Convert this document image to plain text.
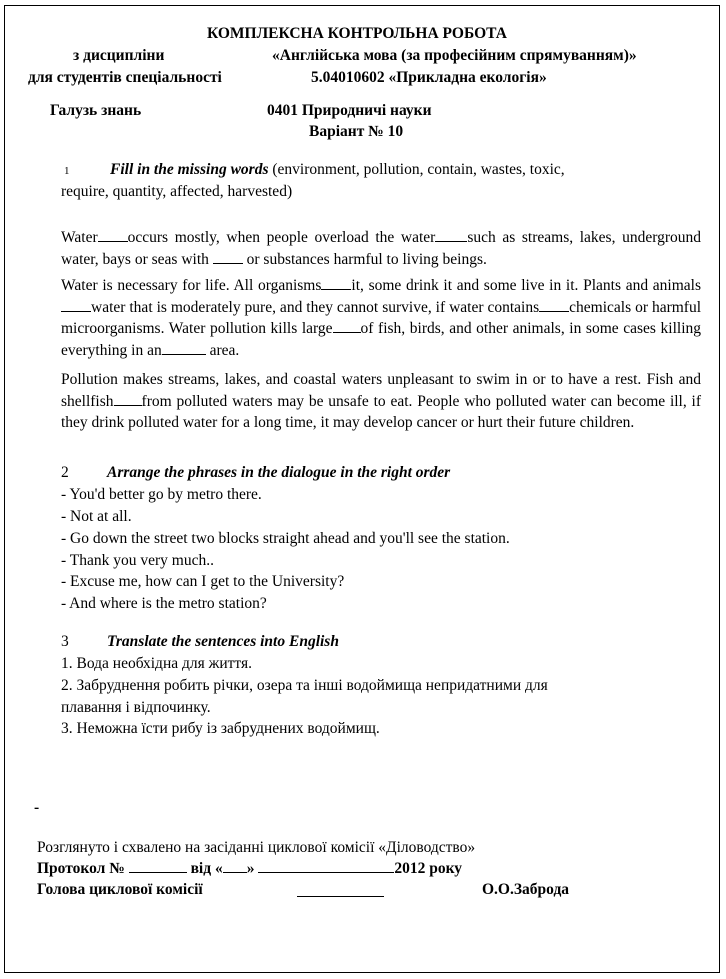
КОМПЛЕКСНА КОНТРОЛЬНА РОБОТА
з дисципліни	«Англійська мова (за професійним спрямуванням)»
для студентів спеціальності	5.04010602 «Прикладна екологія»
Галузь знань	0401 Природничі науки
Варіант № 10
1	Fill in the missing words (environment, pollution, contain, wastes, toxic,
require, quantity, affected, harvested)
Water occurs mostly, when people overload the water such as streams, lakes, underground water, bays or seas with  or substances harmful to living beings.
Water is necessary for life. All organisms it, some drink it and some live in it. Plants and animalswater that is moderately pure, and they cannot survive, if water contains chemicals or harmful microorganisms. Water pollution kills large of fish, birds, and other animals, in some cases killing everything in an	area.
Pollution makes streams, lakes, and coastal waters unpleasant to swim in or to have a rest. Fish and shellfish from polluted waters may be unsafe to eat. People who polluted water can become ill, if they drink polluted water for a long time, it may develop cancer or hurt their future children.
2 Arrange the phrases in the dialogue in the right order
- You'd better go by metro there.
- Not at all.
- Go down the street two blocks straight ahead and you'll see the station.
- Thank you very much..
- Excuse me, how can I get to the University?
- And where is the metro station?
3 Translate the sentences into English
1. Вода необхідна для життя.
2. Забруднення робить річки, озера та інші водоймища непридатними для
плавання і відпочинку.
3. Неможна їсти рибу із забруднених водоймищ.
-
Розглянуто і схвалено на засіданні циклової комісії «Діловодство»
Протокол №	від « »	2012 року
Голова циклової комісії	О.О.Заброда
